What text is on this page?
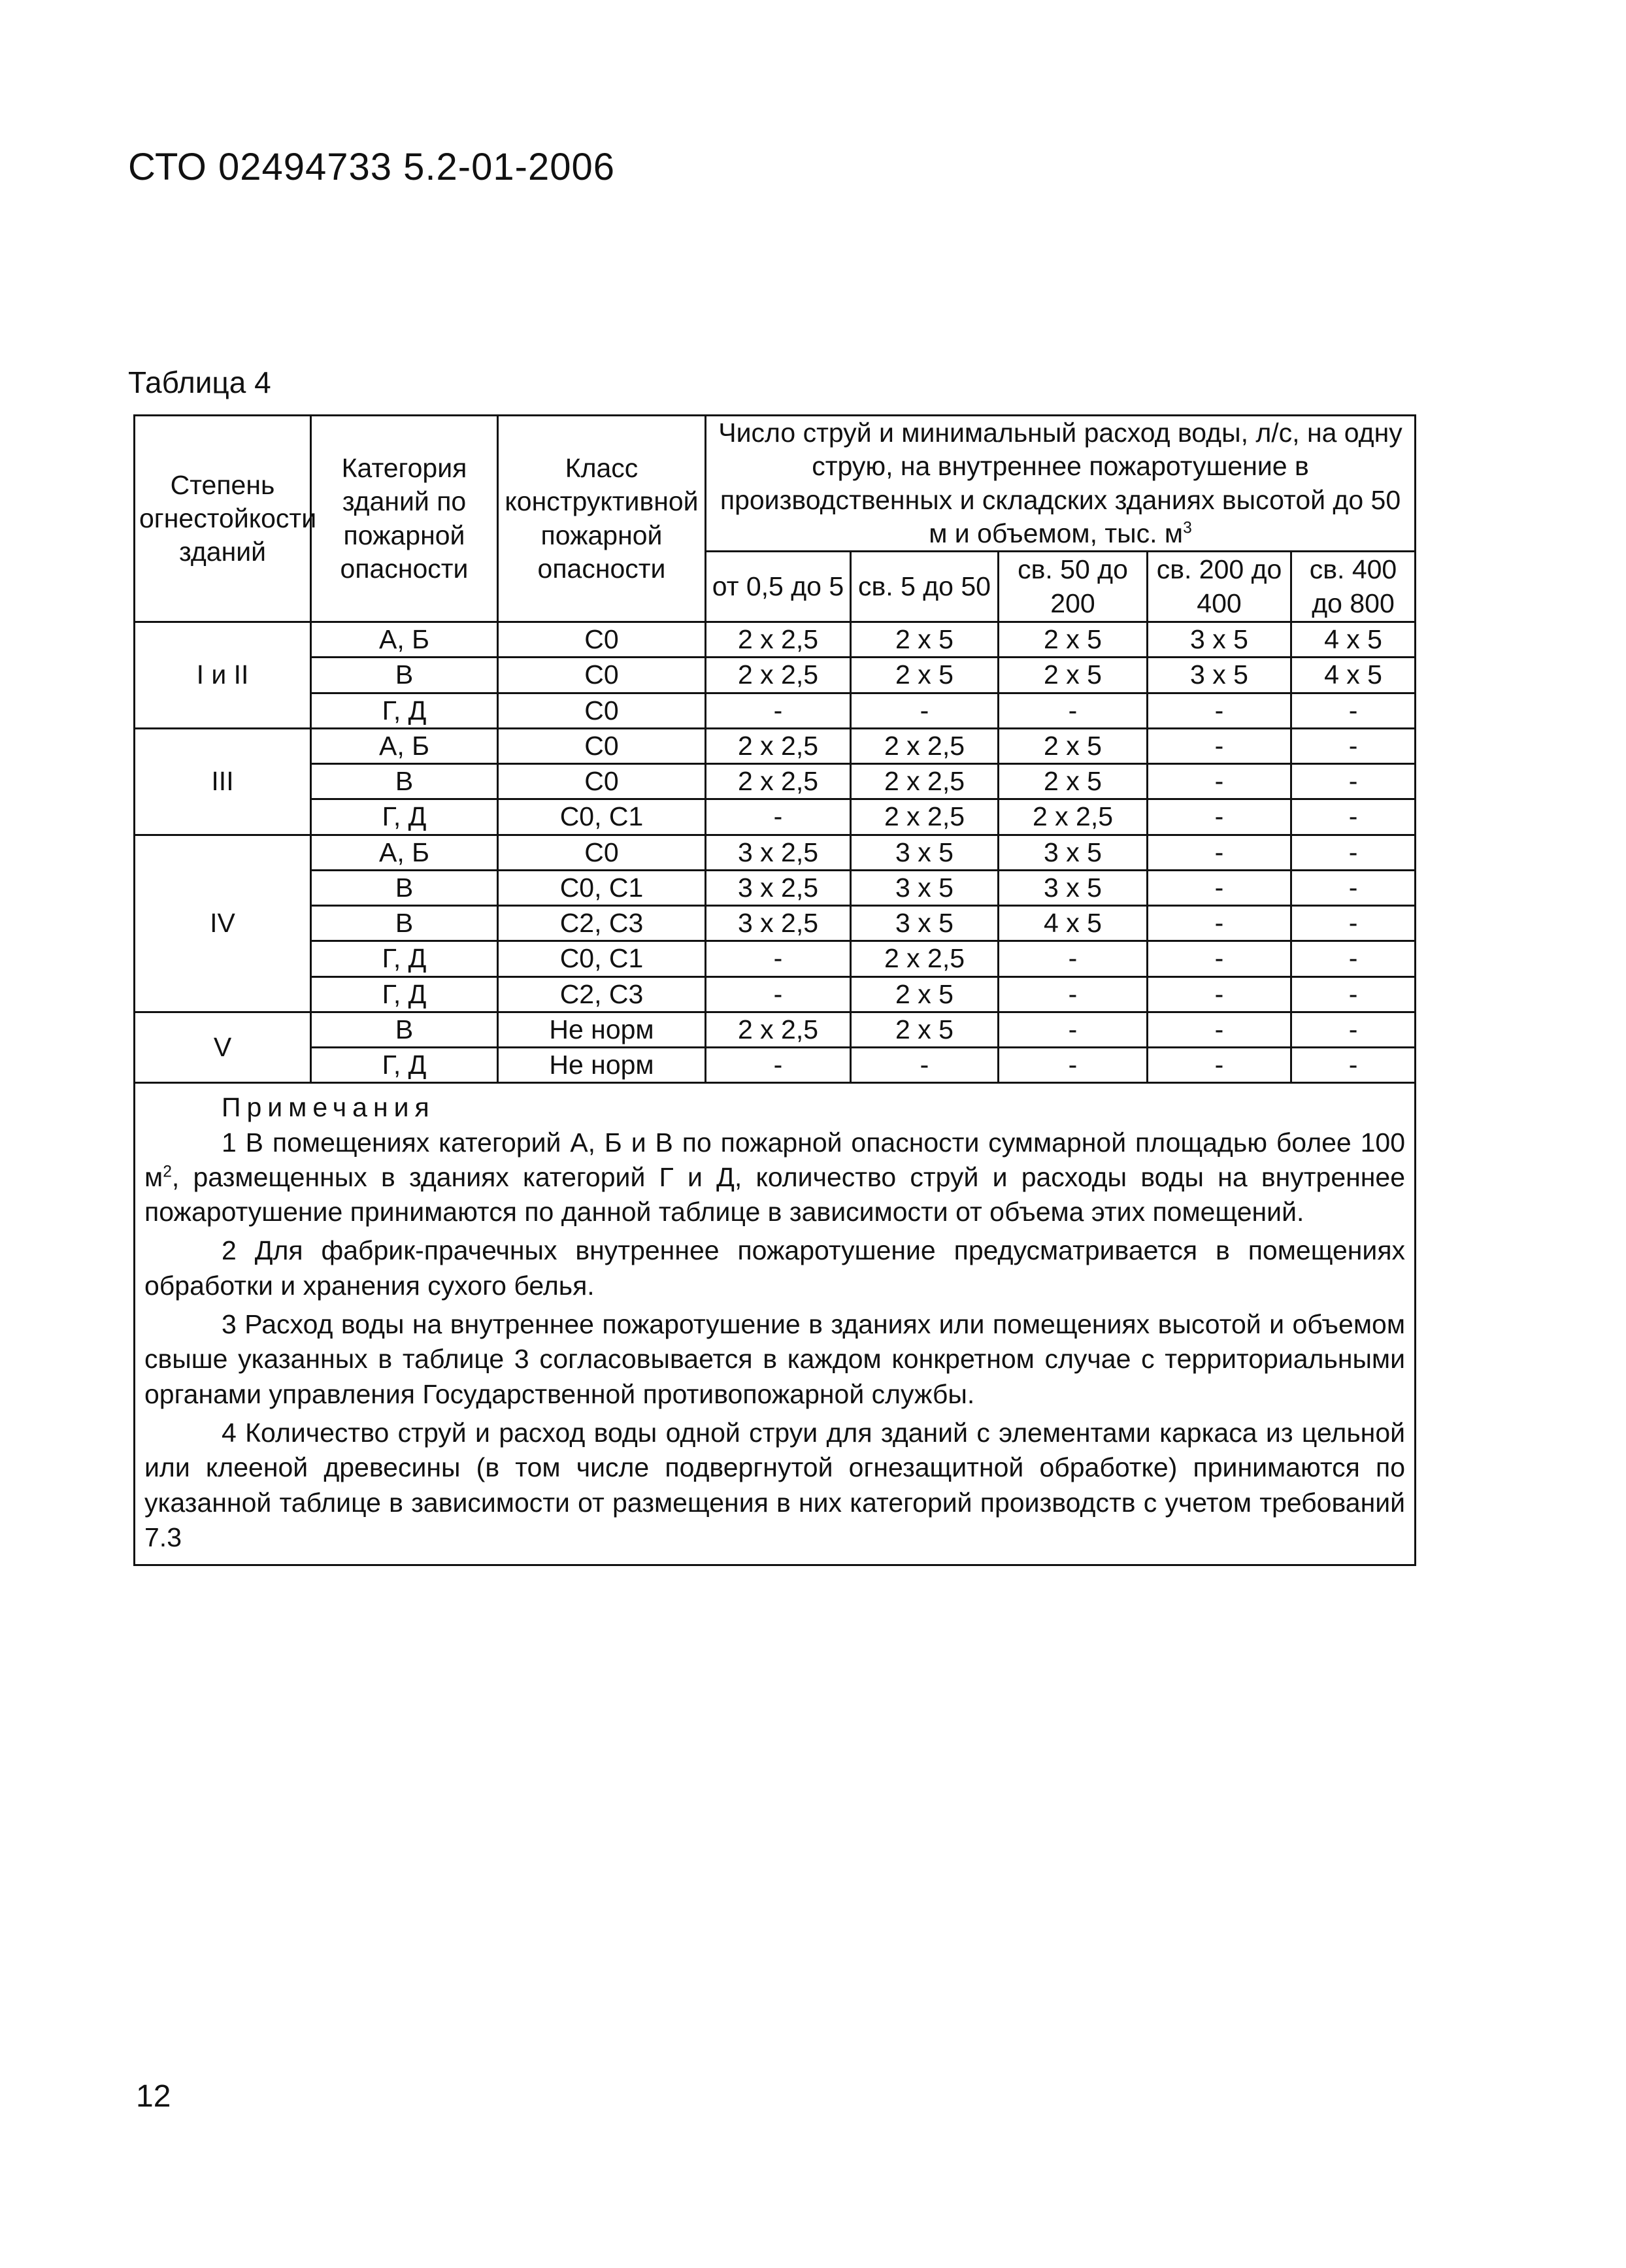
СТО 02494733 5.2-01-2006
Таблица 4
Степень огнестойкости зданий	Категория зданий по пожарной опасности	Класс конструктивной пожарной опасности	Число струй и минимальный расход воды, л/с, на одну струю, на внутреннее пожаротушение в производственных и складских зданиях высотой до 50 м и объемом, тыс. $м^3$
			от 0,5 до 5	св. 5 до 50	св. 50 до 200	св. 200 до 400	св. 400 до 800
I и II	А, Б	С0	2 x 2,5	2 x 5	2 x 5	3 x 5	4 x 5
	В	С0	2 x 2,5	2 x 5	2 x 5	3 x 5	4 x 5
	Г, Д	С0	-	-	-	-	-
III	А, Б	С0	2 x 2,5	2 x 2,5	2 x 5	-	-
	В	С0	2 x 2,5	2 x 2,5	2 x 5	-	-
	Г, Д	С0, С1	-	2 x 2,5	2 x 2,5	-	-
IV	А, Б	С0	3 x 2,5	3 x 5	3 x 5	-	-
	В	С0, С1	3 x 2,5	3 x 5	3 x 5	-	-
	В	С2, С3	3 x 2,5	3 x 5	4 x 5	-	-
	Г, Д	С0, С1	-	2 x 2,5	-	-	-
	Г, Д	С2, С3	-	2 x 5	-	-	-
V	В	Не норм	2 x 2,5	2 x 5	-	-	-
	Г, Д	Не норм	-	-	-	-	-

Примечания

1 В помещениях категорий А, Б и В по пожарной опасности суммарной площадью более 100 $м^2$, размещенных в зданиях категорий Г и Д, количество струй и расходы воды на внутреннее пожаротушение принимаются по данной таблице в зависимости от объема этих помещений.

2 Для фабрик-прачечных внутреннее пожаротушение предусматривается в помещениях обработки и хранения сухого белья.

3 Расход воды на внутреннее пожаротушение в зданиях или помещениях высотой и объемом свыше указанных в таблице 3 согласовывается в каждом конкретном случае с территориальными органами управления Государственной противопожарной службы.

4 Количество струй и расход воды одной струи для зданий с элементами каркаса из цельной или клееной древесины (в том числе подвергнутой огнезащитной обработке) принимаются по указанной таблице в зависимости от размещения в них категорий производств с учетом требований 7.3							

12
